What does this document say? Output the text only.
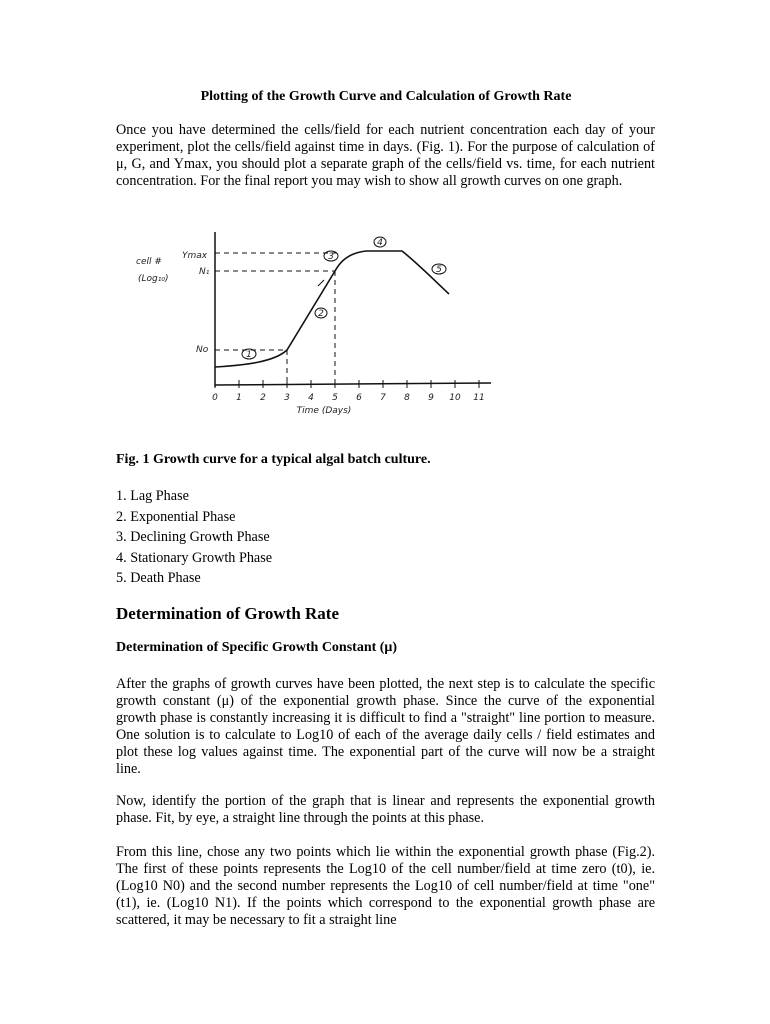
Plotting of the Growth Curve and Calculation of Growth Rate

Once you have determined the cells/field for each nutrient concentration each day of your experiment, plot the cells/field against time in days. (Fig. 1). For the purpose of calculation of μ, G, and Ymax, you should plot a separate graph of the cells/field vs. time, for each nutrient concentration. For the final report you may wish to show all growth curves on one graph.

Fig. 1 Growth curve for a typical algal batch culture.
1. Lag Phase
2. Exponential Phase
3. Declining Growth Phase
4. Stationary Growth Phase
5. Death Phase
Determination of Growth Rate
Determination of Specific Growth Constant (μ)

After the graphs of growth curves have been plotted, the next step is to calculate the specific growth constant (μ) of the exponential growth phase. Since the curve of the exponential growth phase is constantly increasing it is difficult to find a "straight" line portion to measure. One solution is to calculate to Log10 of each of the average daily cells / field estimates and plot these log values against time. The exponential part of the curve will now be a straight line.

Now, identify the portion of the graph that is linear and represents the exponential growth phase. Fit, by eye, a straight line through the points at this phase.

From this line, chose any two points which lie within the exponential growth phase (Fig.2). The first of these points represents the Log10 of the cell number/field at time zero (t0), ie. (Log10 N0) and the second number represents the Log10 of cell number/field at time "one" (t1), ie. (Log10 N1). If the points which correspond to the exponential growth phase are scattered, it may be necessary to fit a straight line

cell #
(Log₁₀)
Ymax
N₁
No
0 1 2 3 4 5 6 7 8 9 10 11
Time (Days)
1
2
3
4
5
